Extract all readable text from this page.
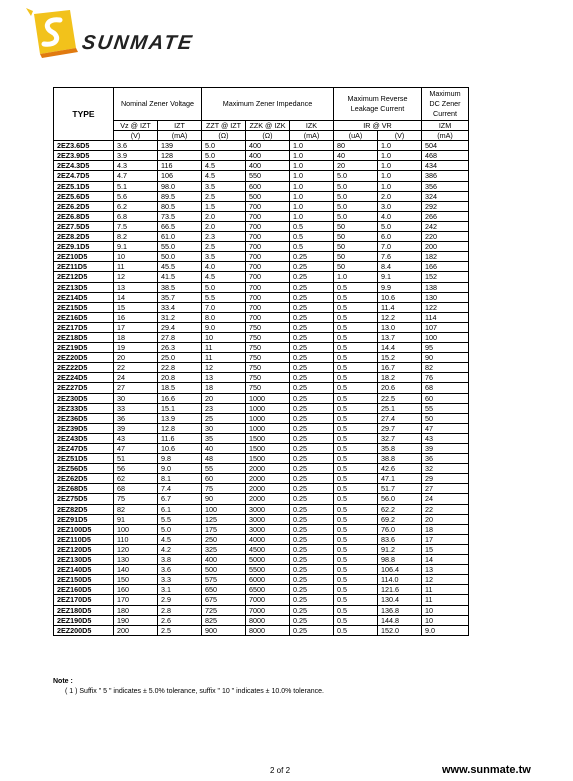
SUNMATE
TYPE	Nominal Zener Voltage		Maximum Zener Impedance			Maximum Reverse Leakage Current		Maximum DC Zener Current
	Vz @ IZT	IZT	ZZT @ IZT	ZZK @ IZK	IZK	IR @ VR		IZM
	(V)	(mA)	(Ω)	(Ω)	(mA)	(uA)	(V)	(mA)
2EZ3.6D5	3.6	139	5.0	400	1.0	80	1.0	504
2EZ3.9D5	3.9	128	5.0	400	1.0	40	1.0	468
2EZ4.3D5	4.3	116	4.5	400	1.0	20	1.0	434
2EZ4.7D5	4.7	106	4.5	550	1.0	5.0	1.0	386
2EZ5.1D5	5.1	98.0	3.5	600	1.0	5.0	1.0	356
2EZ5.6D5	5.6	89.5	2.5	500	1.0	5.0	2.0	324
2EZ6.2D5	6.2	80.5	1.5	700	1.0	5.0	3.0	292
2EZ6.8D5	6.8	73.5	2.0	700	1.0	5.0	4.0	266
2EZ7.5D5	7.5	66.5	2.0	700	0.5	50	5.0	242
2EZ8.2D5	8.2	61.0	2.3	700	0.5	50	6.0	220
2EZ9.1D5	9.1	55.0	2.5	700	0.5	50	7.0	200
2EZ10D5	10	50.0	3.5	700	0.25	50	7.6	182
2EZ11D5	11	45.5	4.0	700	0.25	50	8.4	166
2EZ12D5	12	41.5	4.5	700	0.25	1.0	9.1	152
2EZ13D5	13	38.5	5.0	700	0.25	0.5	9.9	138
2EZ14D5	14	35.7	5.5	700	0.25	0.5	10.6	130
2EZ15D5	15	33.4	7.0	700	0.25	0.5	11.4	122
2EZ16D5	16	31.2	8.0	700	0.25	0.5	12.2	114
2EZ17D5	17	29.4	9.0	750	0.25	0.5	13.0	107
2EZ18D5	18	27.8	10	750	0.25	0.5	13.7	100
2EZ19D5	19	26.3	11	750	0.25	0.5	14.4	95
2EZ20D5	20	25.0	11	750	0.25	0.5	15.2	90
2EZ22D5	22	22.8	12	750	0.25	0.5	16.7	82
2EZ24D5	24	20.8	13	750	0.25	0.5	18.2	76
2EZ27D5	27	18.5	18	750	0.25	0.5	20.6	68
2EZ30D5	30	16.6	20	1000	0.25	0.5	22.5	60
2EZ33D5	33	15.1	23	1000	0.25	0.5	25.1	55
2EZ36D5	36	13.9	25	1000	0.25	0.5	27.4	50
2EZ39D5	39	12.8	30	1000	0.25	0.5	29.7	47
2EZ43D5	43	11.6	35	1500	0.25	0.5	32.7	43
2EZ47D5	47	10.6	40	1500	0.25	0.5	35.8	39
2EZ51D5	51	9.8	48	1500	0.25	0.5	38.8	36
2EZ56D5	56	9.0	55	2000	0.25	0.5	42.6	32
2EZ62D5	62	8.1	60	2000	0.25	0.5	47.1	29
2EZ68D5	68	7.4	75	2000	0.25	0.5	51.7	27
2EZ75D5	75	6.7	90	2000	0.25	0.5	56.0	24
2EZ82D5	82	6.1	100	3000	0.25	0.5	62.2	22
2EZ91D5	91	5.5	125	3000	0.25	0.5	69.2	20
2EZ100D5	100	5.0	175	3000	0.25	0.5	76.0	18
2EZ110D5	110	4.5	250	4000	0.25	0.5	83.6	17
2EZ120D5	120	4.2	325	4500	0.25	0.5	91.2	15
2EZ130D5	130	3.8	400	5000	0.25	0.5	98.8	14
2EZ140D5	140	3.6	500	5500	0.25	0.5	106.4	13
2EZ150D5	150	3.3	575	6000	0.25	0.5	114.0	12
2EZ160D5	160	3.1	650	6500	0.25	0.5	121.6	11
2EZ170D5	170	2.9	675	7000	0.25	0.5	130.4	11
2EZ180D5	180	2.8	725	7000	0.25	0.5	136.8	10
2EZ190D5	190	2.6	825	8000	0.25	0.5	144.8	10
2EZ200D5	200	2.5	900	8000	0.25	0.5	152.0	9.0
Note :
( 1 ) Suffix " 5 " indicates ± 5.0% tolerance, suffix " 10 " indicates ± 10.0% tolerance.
2 of 2	www.sunmate.tw
